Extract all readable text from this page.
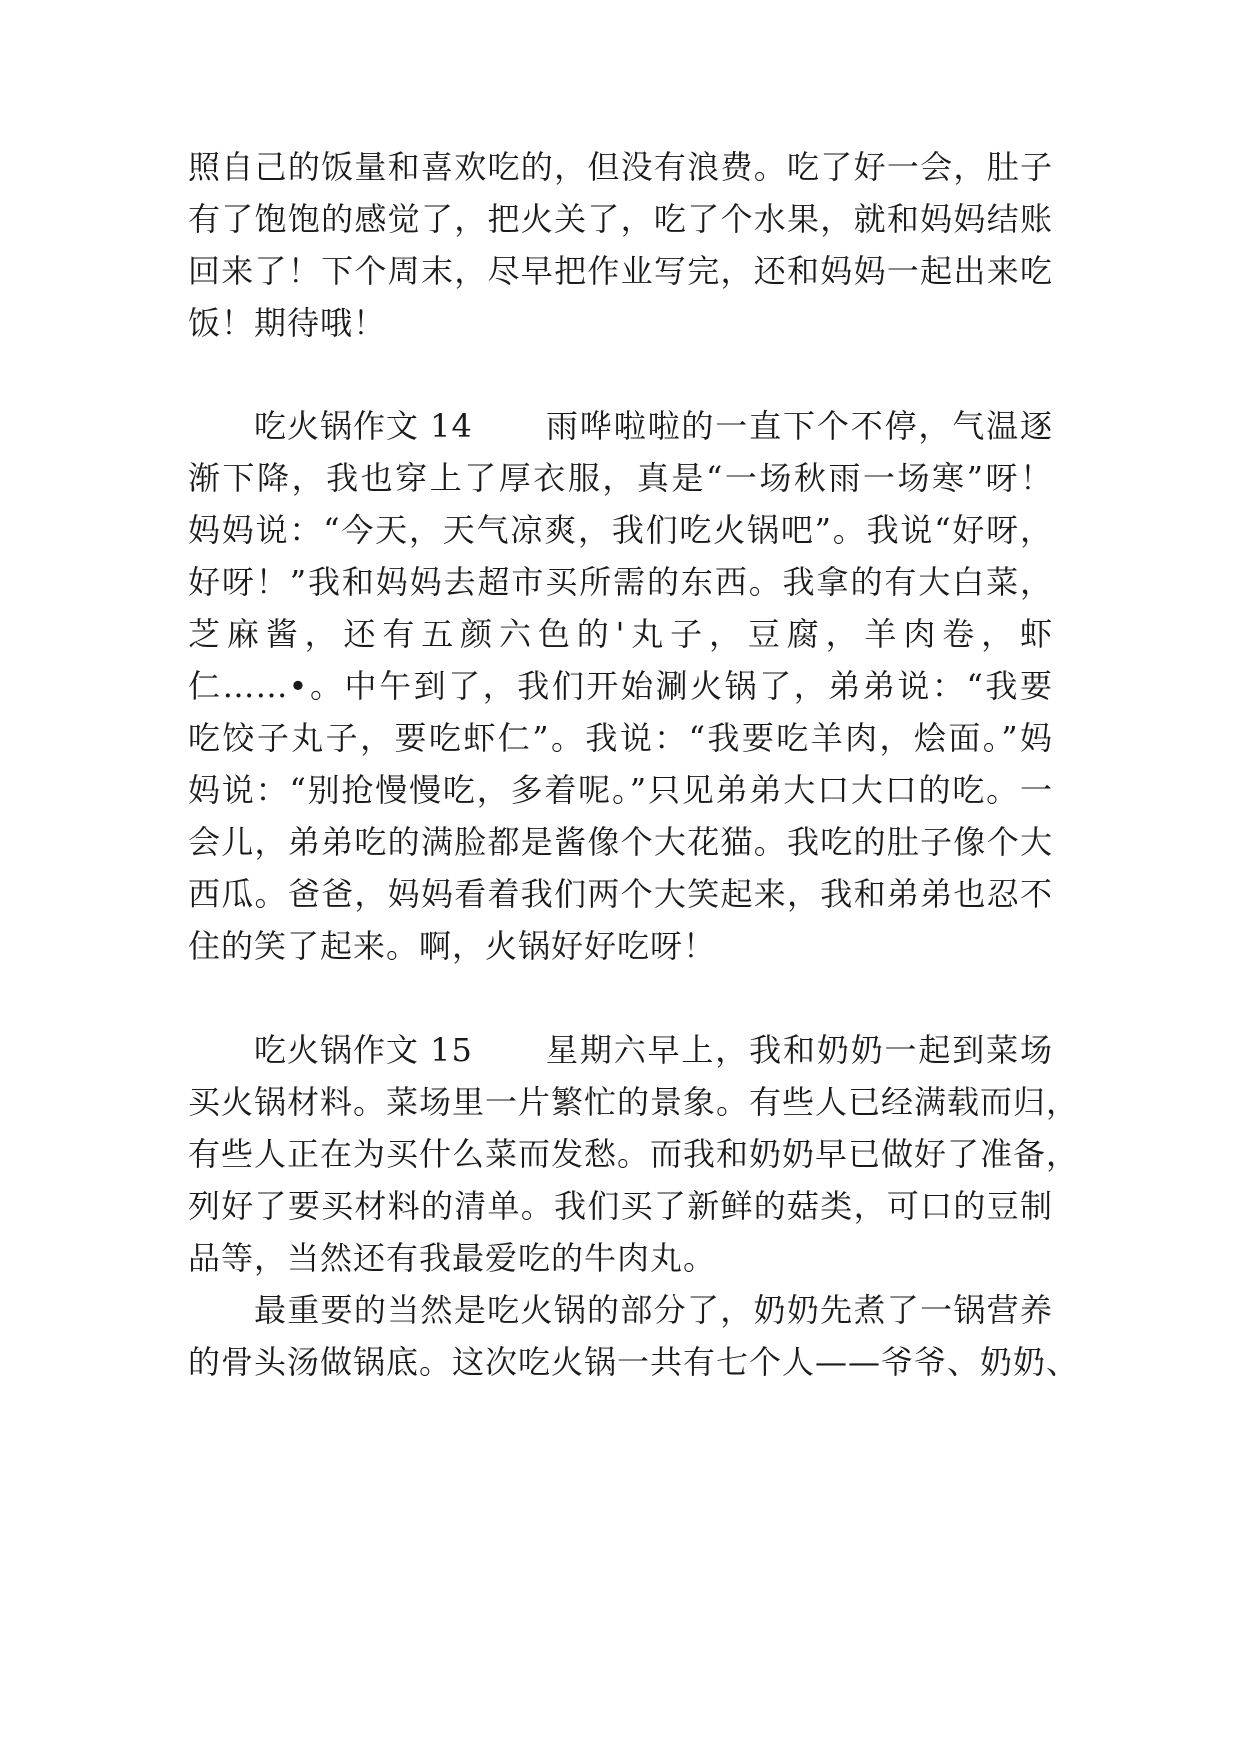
照自己的饭量和喜欢吃的，但没有浪费。吃了好一会，肚子
有了饱饱的感觉了，把火关了，吃了个水果，就和妈妈结账
回来了！下个周末，尽早把作业写完，还和妈妈一起出来吃
饭！期待哦！
吃火锅作文 14 雨哗啦啦的一直下个不停，气温逐
渐下降，我也穿上了厚衣服，真是“一场秋雨一场寒”呀！
妈妈说：“今天，天气凉爽，我们吃火锅吧”。我说“好呀，
好呀！”我和妈妈去超市买所需的东西。我拿的有大白菜，
芝麻酱，还有五颜六色的'丸子，豆腐，羊肉卷，虾
仁……•。中午到了，我们开始涮火锅了，弟弟说：“我要
吃饺子丸子，要吃虾仁”。我说：“我要吃羊肉，烩面。”妈
妈说：“别抢慢慢吃，多着呢。”只见弟弟大口大口的吃。一
会儿，弟弟吃的满脸都是酱像个大花猫。我吃的肚子像个大
西瓜。爸爸，妈妈看着我们两个大笑起来，我和弟弟也忍不
住的笑了起来。啊，火锅好好吃呀！
吃火锅作文 15 星期六早上，我和奶奶一起到菜场
买火锅材料。菜场里一片繁忙的景象。有些人已经满载而归，
有些人正在为买什么菜而发愁。而我和奶奶早已做好了准备，
列好了要买材料的清单。我们买了新鲜的菇类，可口的豆制
品等，当然还有我最爱吃的牛肉丸。
最重要的当然是吃火锅的部分了，奶奶先煮了一锅营养
的骨头汤做锅底。这次吃火锅一共有七个人——爷爷、奶奶、
